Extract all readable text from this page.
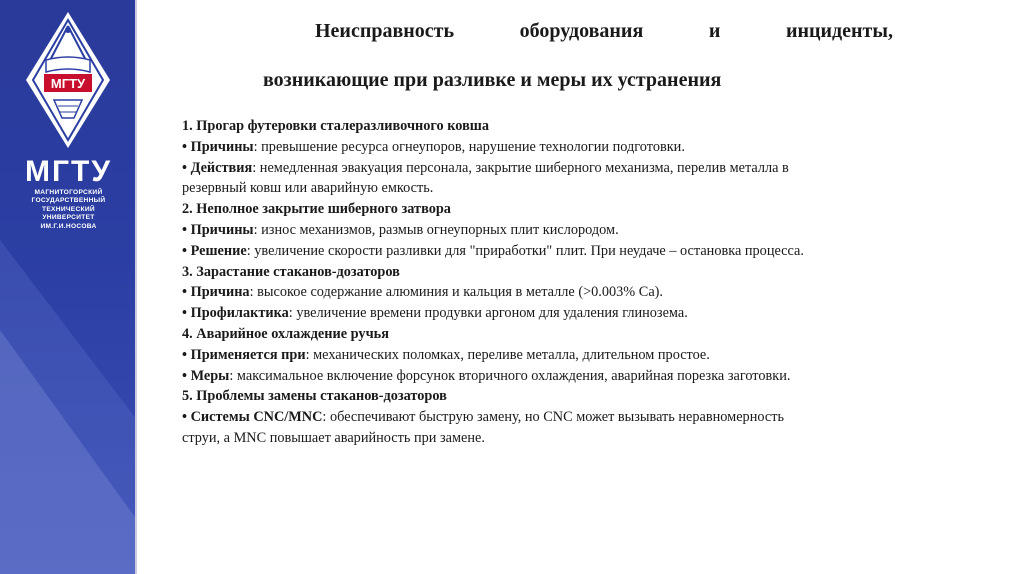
МГТУ
МГТУ
МАГНИТОГОРСКИЙ
ГОСУДАРСТВЕННЫЙ
ТЕХНИЧЕСКИЙ
УНИВЕРСИТЕТ
ИМ.Г.И.НОСОВА
Неисправность	оборудования	и	инциденты,
возникающие при разливке и меры их устранения
1. Прогар футеровки сталеразливочного ковша
• Причины: превышение ресурса огнеупоров, нарушение технологии подготовки.
• Действия: немедленная эвакуация персонала, закрытие шиберного механизма, перелив металла в
резервный ковш или аварийную емкость.
2. Неполное закрытие шиберного затвора
• Причины: износ механизмов, размыв огнеупорных плит кислородом.
• Решение: увеличение скорости разливки для "приработки" плит. При неудаче – остановка процесса.
3. Зарастание стаканов-дозаторов
• Причина: высокое содержание алюминия и кальция в металле (>0.003% Ca).
• Профилактика: увеличение времени продувки аргоном для удаления глинозема.
4. Аварийное охлаждение ручья
• Применяется при: механических поломках, переливе металла, длительном простое.
• Меры: максимальное включение форсунок вторичного охлаждения, аварийная порезка заготовки.
5. Проблемы замены стаканов-дозаторов
• Системы CNC/MNC: обеспечивают быструю замену, но CNC может вызывать неравномерность
струи, а MNC повышает аварийность при замене.
